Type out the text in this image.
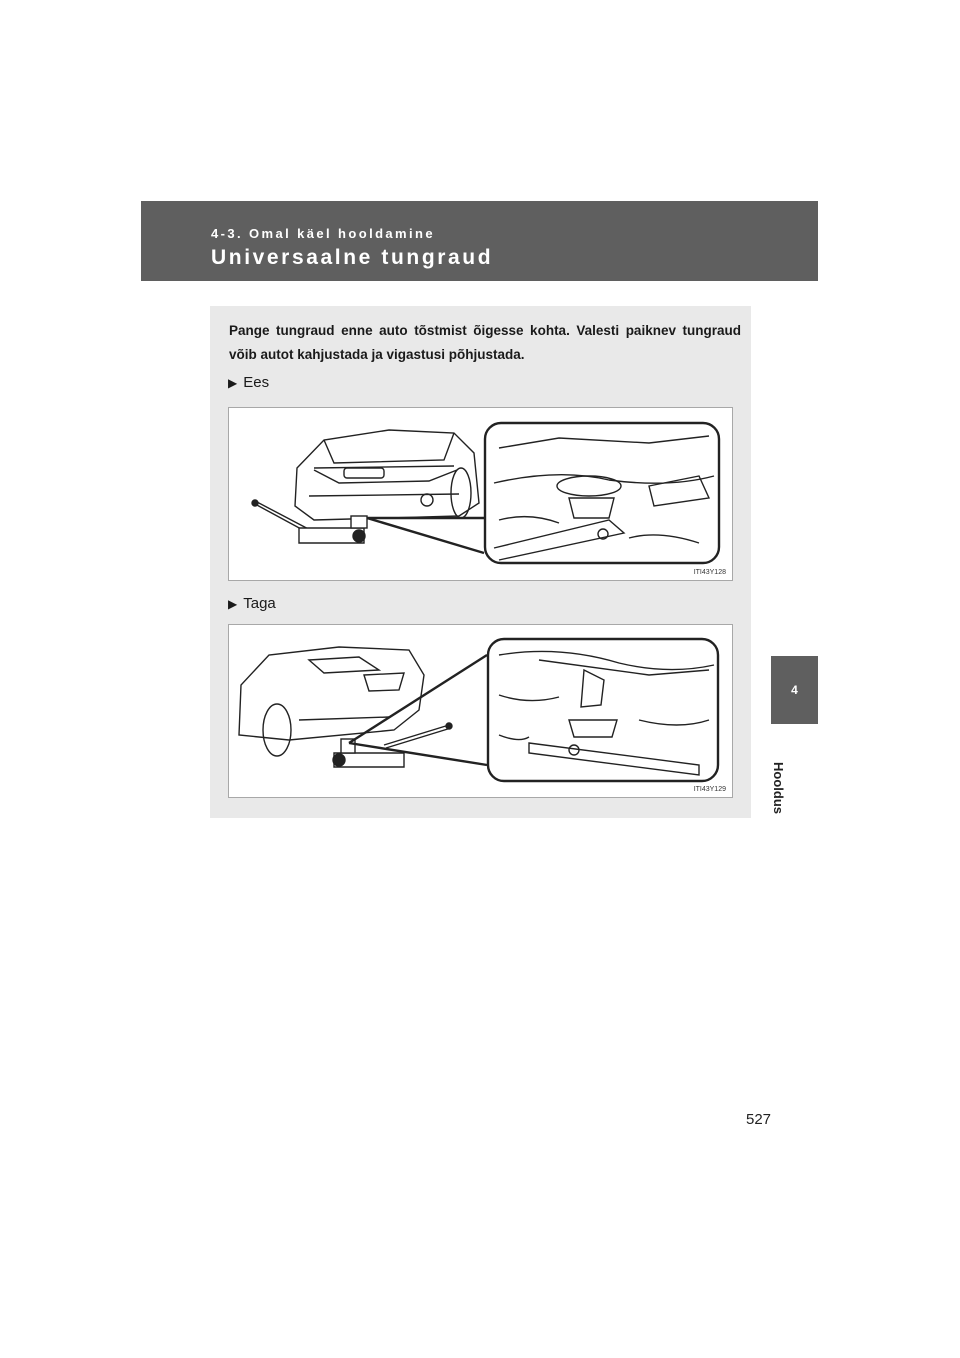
4-3. Omal käel hooldamine
Universaalne tungraud
4
Hooldus
Pange tungraud enne auto tõstmist õigesse kohta. Valesti paiknev tungraud võib autot kahjustada ja vigastusi põhjustada.
▶ Ees
ITI43Y128
▶ Taga
ITI43Y129
527
